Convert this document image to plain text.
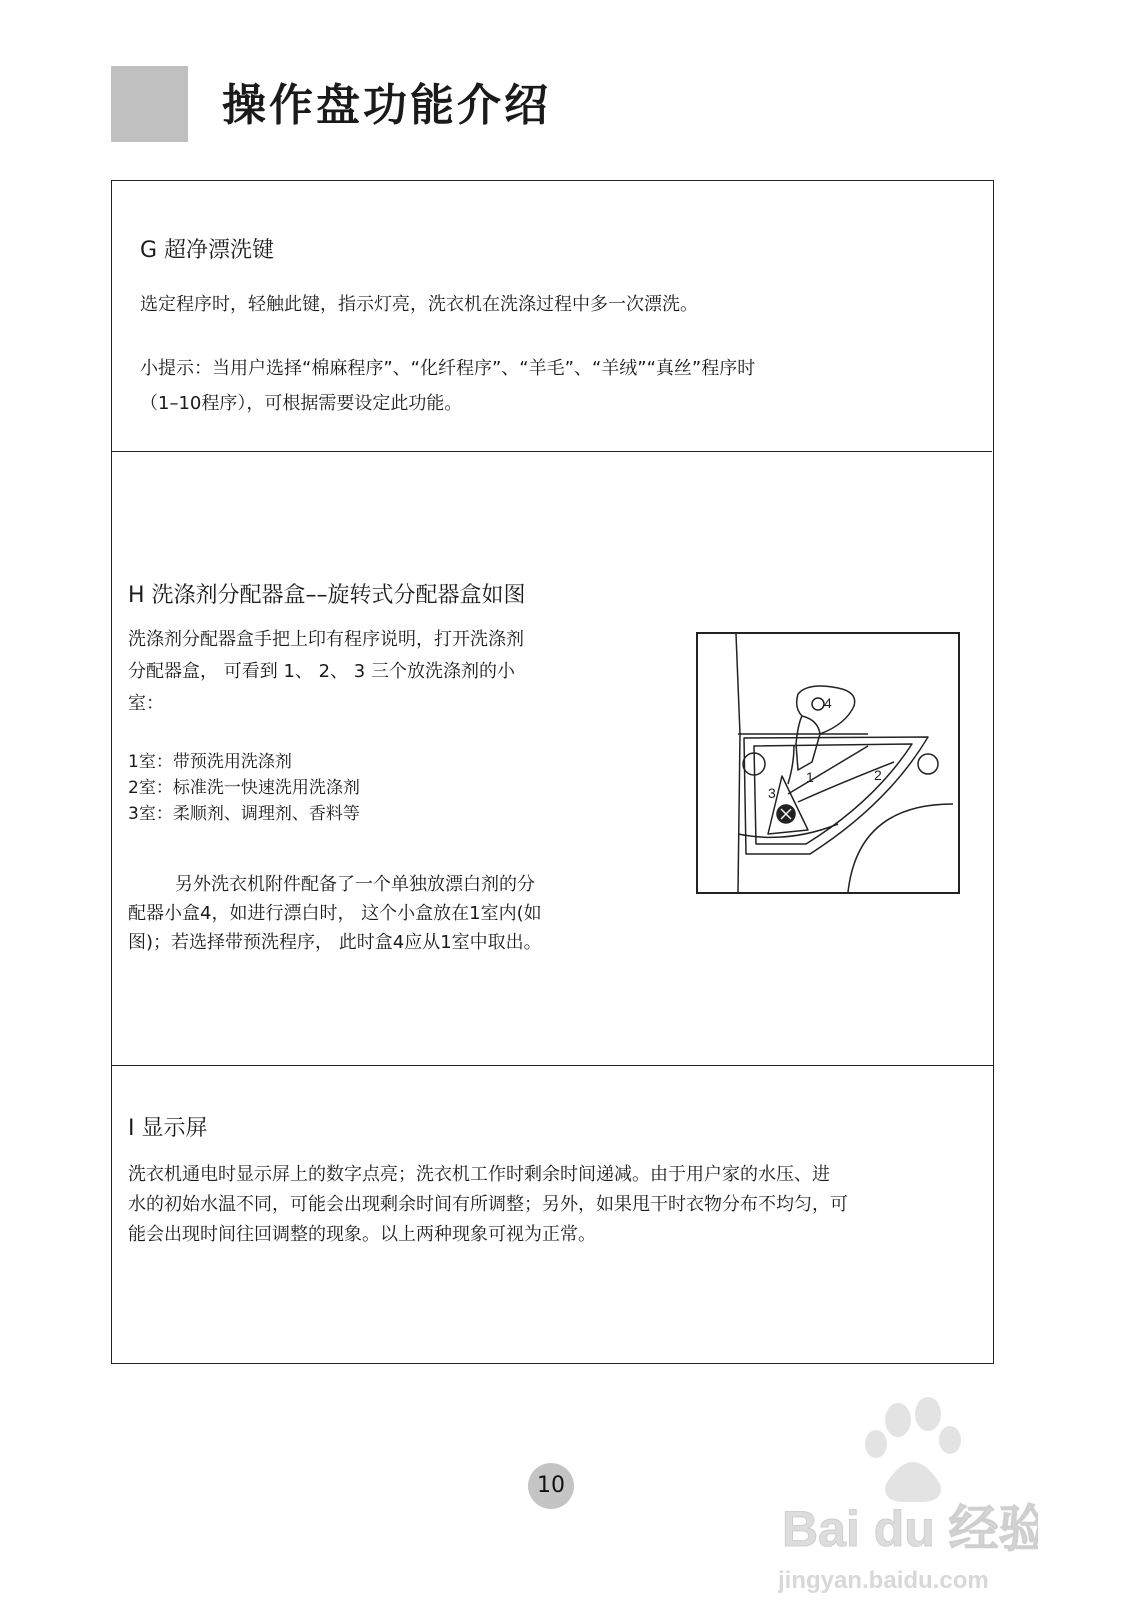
操作盘功能介绍
G 超净漂洗键
选定程序时，轻触此键，指示灯亮，洗衣机在洗涤过程中多一次漂洗。
小提示：当用户选择“棉麻程序”、“化纤程序”、“羊毛”、“羊绒”“真丝”程序时
（1–10程序），可根据需要设定此功能。
H 洗涤剂分配器盒––旋转式分配器盒如图
洗涤剂分配器盒手把上印有程序说明，打开洗涤剂
分配器盒， 可看到 1、 2、 3 三个放洗涤剂的小
室：
1室：带预洗用洗涤剂
2室：标准洗一快速洗用洗涤剂
3室：柔顺剂、调理剂、香料等
另外洗衣机附件配备了一个单独放漂白剂的分
配器小盒4，如进行漂白时， 这个小盒放在1室内(如
图)；若选择带预洗程序， 此时盒4应从1室中取出。
4
1	2
3
I 显示屏
洗衣机通电时显示屏上的数字点亮；洗衣机工作时剩余时间递减。由于用户家的水压、进
水的初始水温不同，可能会出现剩余时间有所调整；另外，如果甩干时衣物分布不均匀，可
能会出现时间往回调整的现象。以上两种现象可视为正常。
10
Bai du 经验
jingyan.baidu.com
